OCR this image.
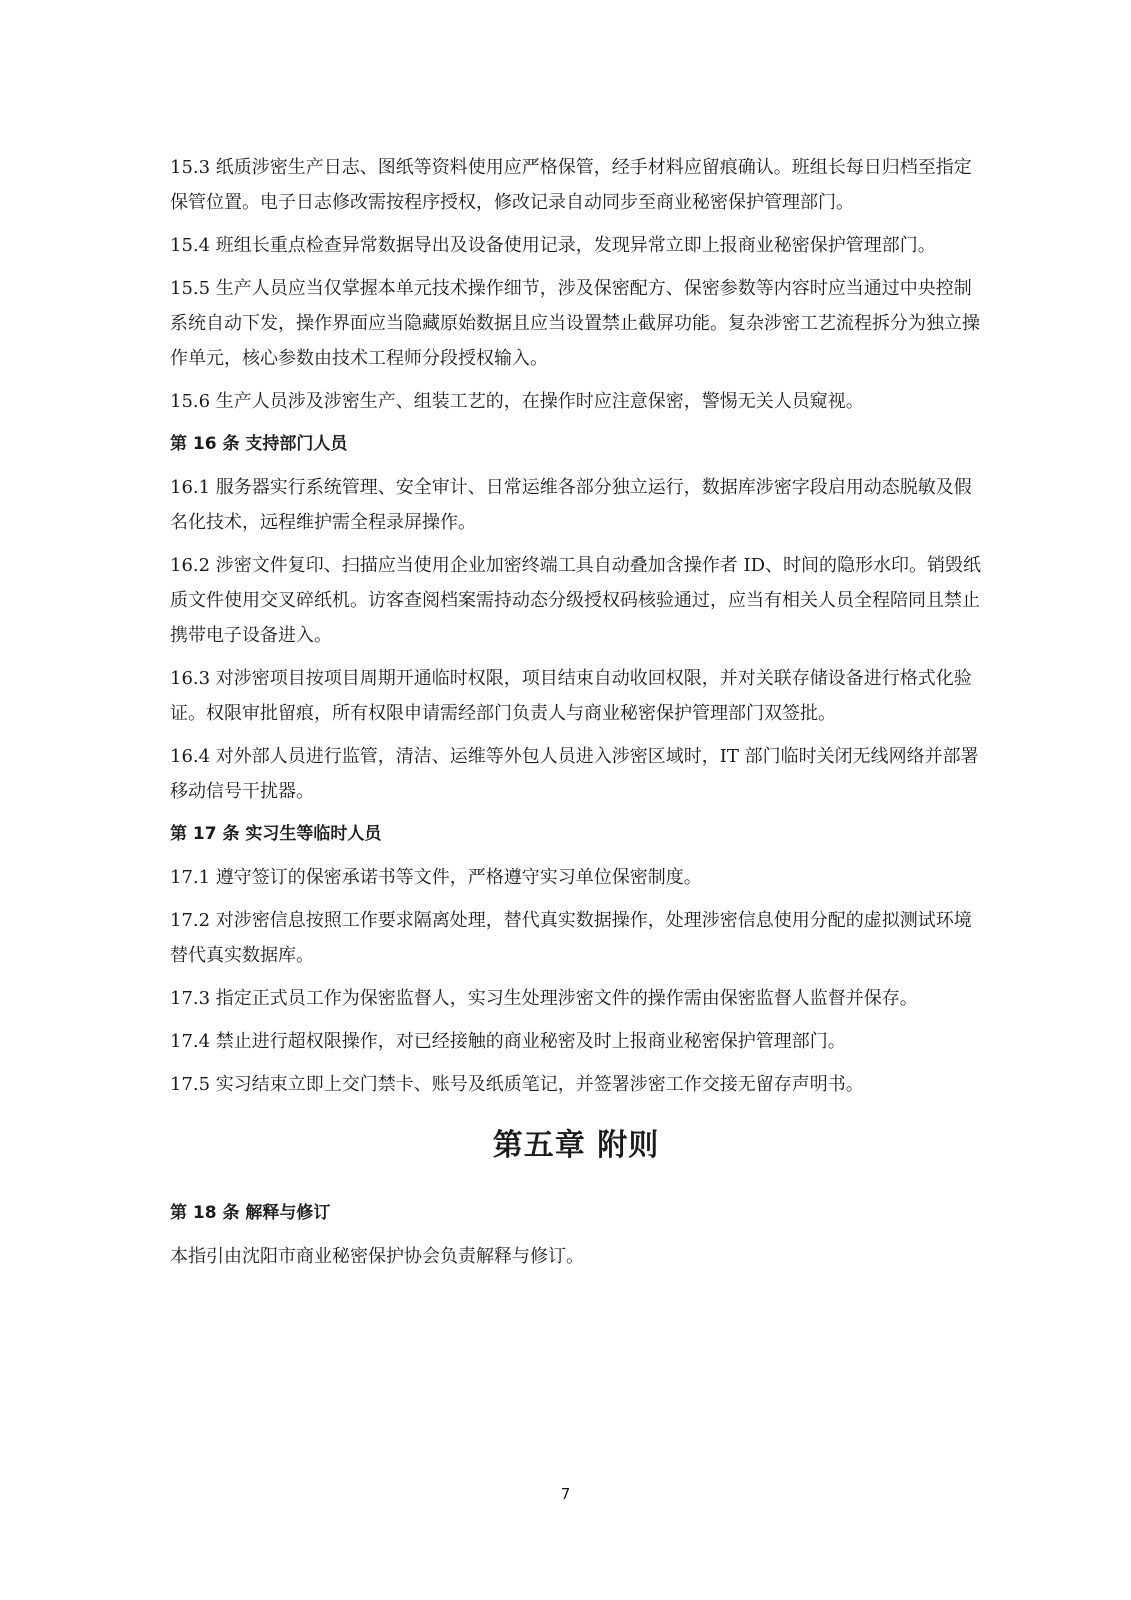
15.3 纸质涉密生产日志、图纸等资料使用应严格保管，经手材料应留痕确认。班组长每日归档至指定保管位置。电子日志修改需按程序授权，修改记录自动同步至商业秘密保护管理部门。

15.4 班组长重点检查异常数据导出及设备使用记录，发现异常立即上报商业秘密保护管理部门。

15.5 生产人员应当仅掌握本单元技术操作细节，涉及保密配方、保密参数等内容时应当通过中央控制系统自动下发，操作界面应当隐藏原始数据且应当设置禁止截屏功能。复杂涉密工艺流程拆分为独立操作单元，核心参数由技术工程师分段授权输入。

15.6 生产人员涉及涉密生产、组装工艺的，在操作时应注意保密，警惕无关人员窥视。

第 16 条 支持部门人员

16.1 服务器实行系统管理、安全审计、日常运维各部分独立运行，数据库涉密字段启用动态脱敏及假名化技术，远程维护需全程录屏操作。

16.2 涉密文件复印、扫描应当使用企业加密终端工具自动叠加含操作者 ID、时间的隐形水印。销毁纸质文件使用交叉碎纸机。访客查阅档案需持动态分级授权码核验通过，应当有相关人员全程陪同且禁止携带电子设备进入。

16.3 对涉密项目按项目周期开通临时权限，项目结束自动收回权限，并对关联存储设备进行格式化验证。权限审批留痕，所有权限申请需经部门负责人与商业秘密保护管理部门双签批。

16.4 对外部人员进行监管，清洁、运维等外包人员进入涉密区域时，IT 部门临时关闭无线网络并部署移动信号干扰器。

第 17 条 实习生等临时人员

17.1 遵守签订的保密承诺书等文件，严格遵守实习单位保密制度。

17.2 对涉密信息按照工作要求隔离处理，替代真实数据操作，处理涉密信息使用分配的虚拟测试环境替代真实数据库。

17.3 指定正式员工作为保密监督人，实习生处理涉密文件的操作需由保密监督人监督并保存。

17.4 禁止进行超权限操作，对已经接触的商业秘密及时上报商业秘密保护管理部门。

17.5 实习结束立即上交门禁卡、账号及纸质笔记，并签署涉密工作交接无留存声明书。

第五章 附则

第 18 条 解释与修订

本指引由沈阳市商业秘密保护协会负责解释与修订。

7
